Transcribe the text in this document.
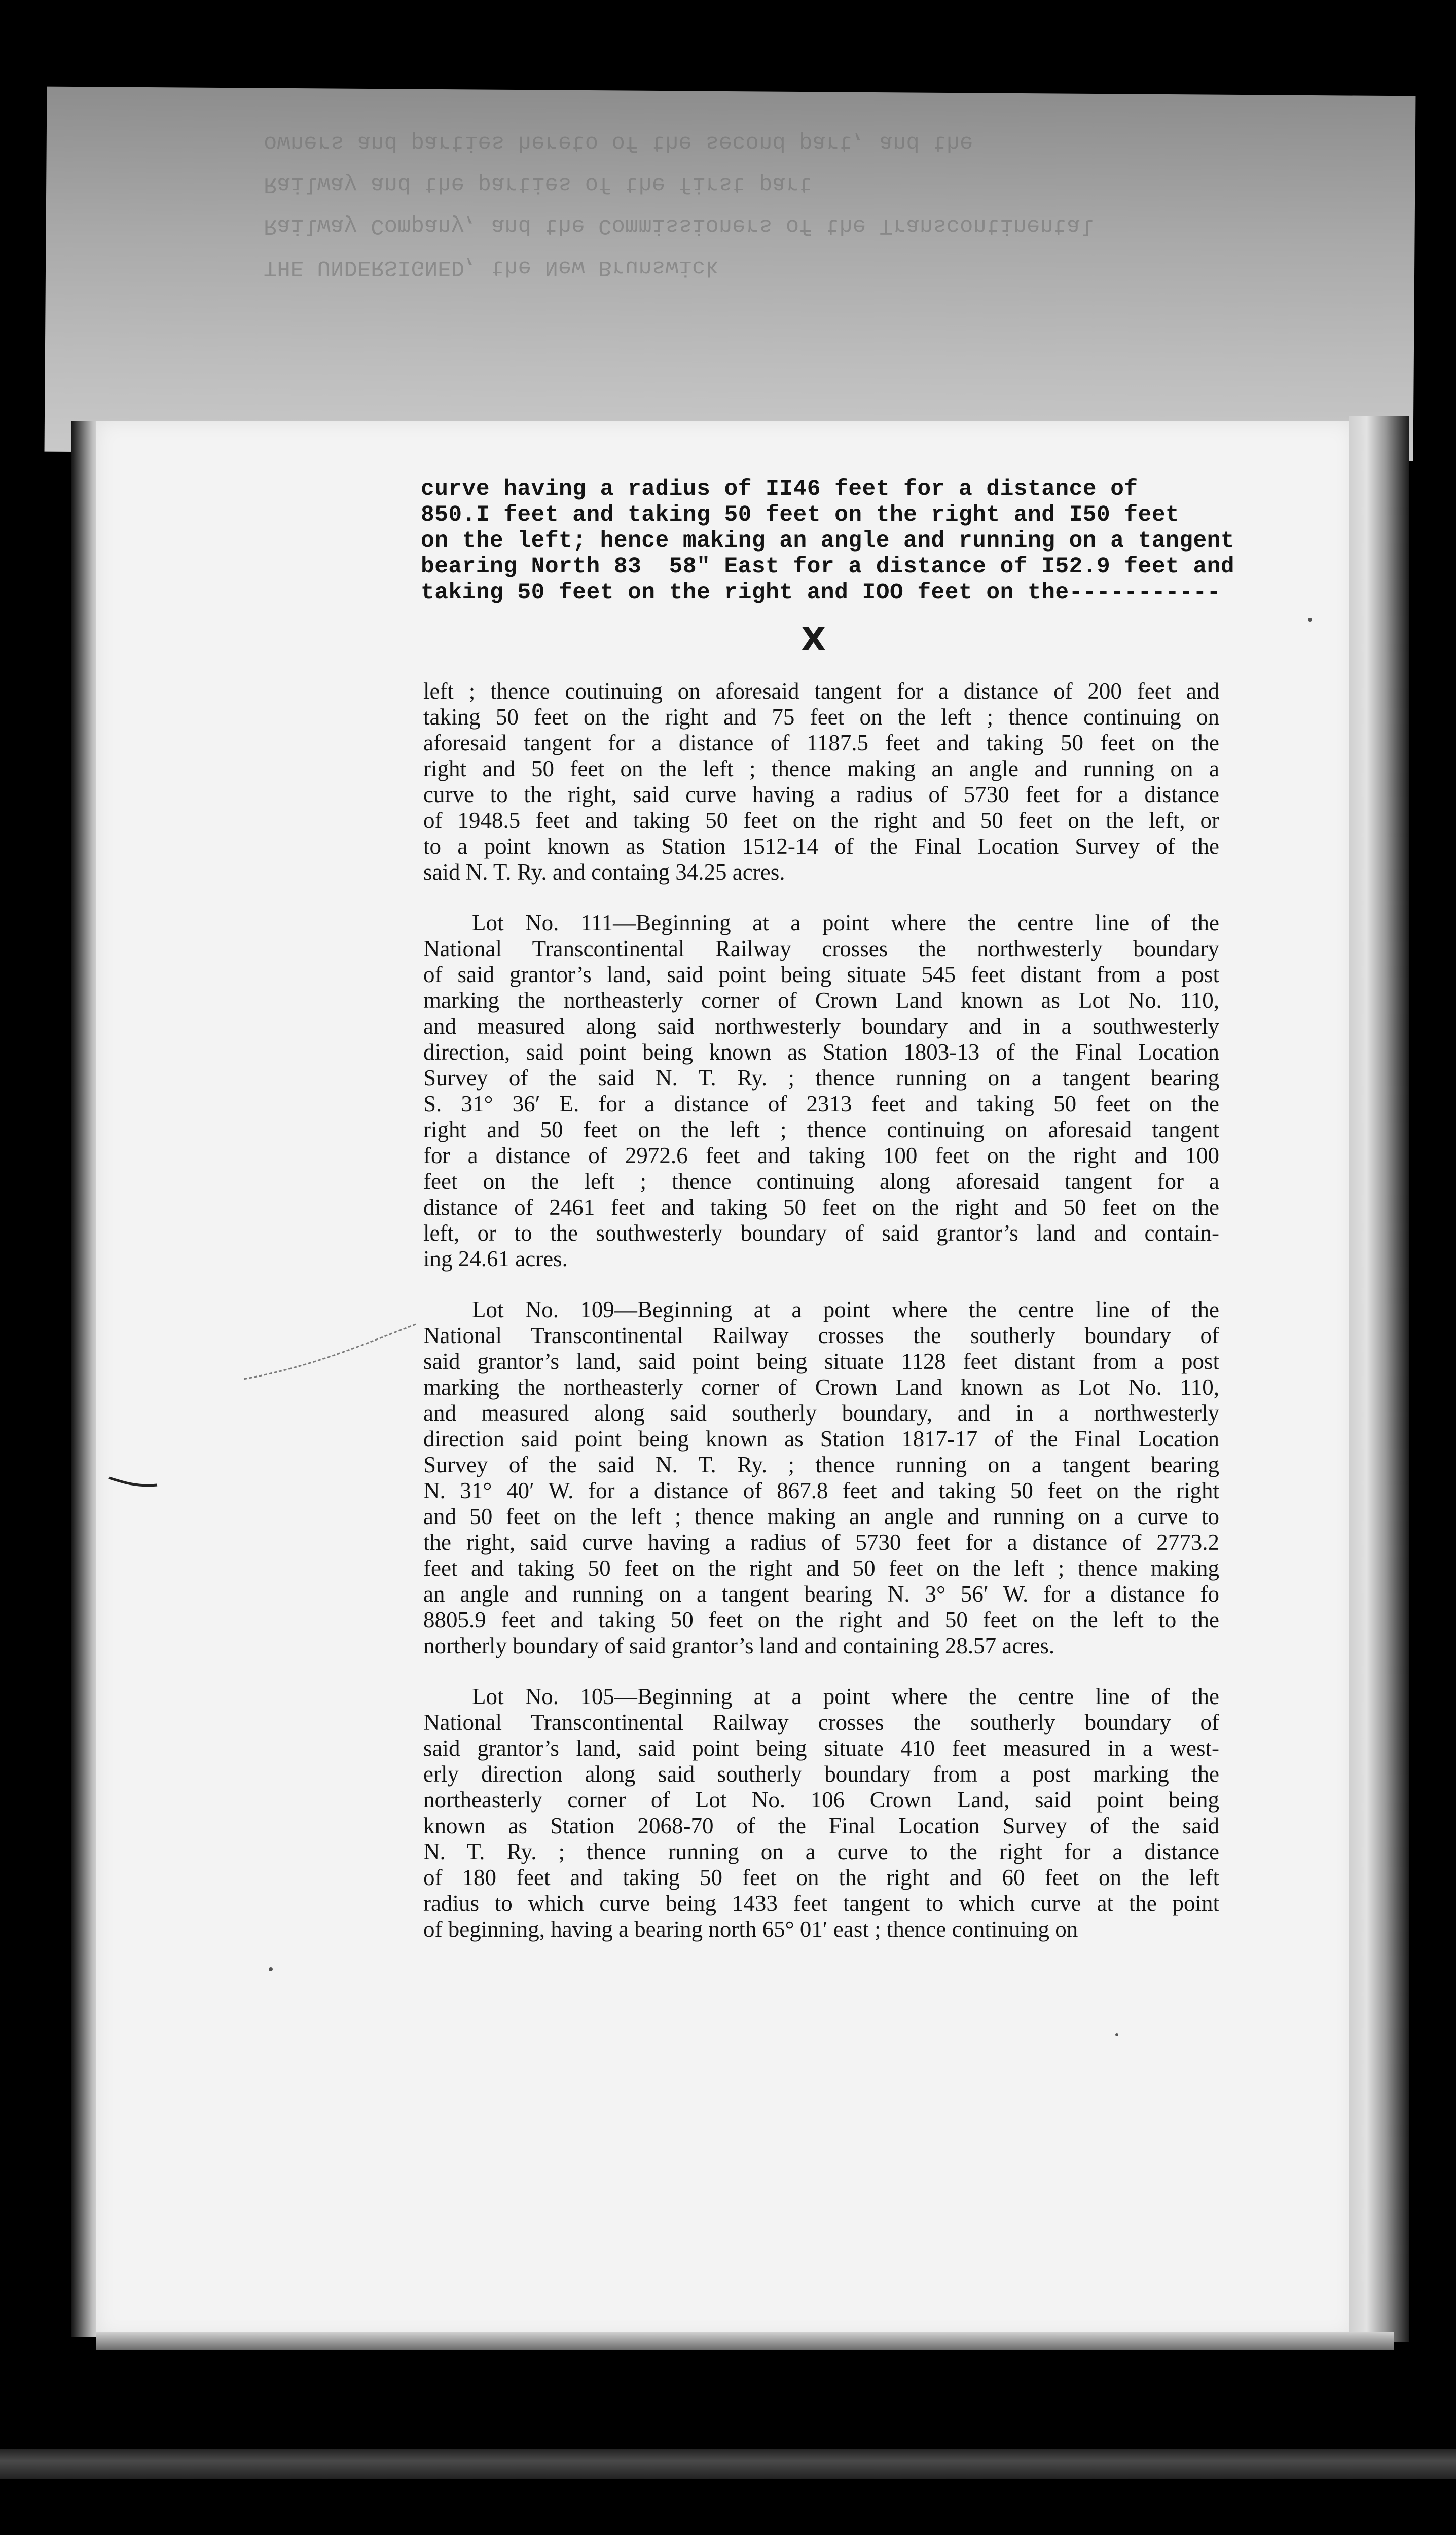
THE UNDERSIGNED, the New Brunswick
Railway Company, and the Commissioners of the Transcontinental
Railway and the parties of the first part
owners and parties hereto of the second part, and the
curve having a radius of II46 feet for a distance of
850.I feet and taking 50 feet on the right and I50 feet
on the left; hence making an angle and running on a tangent
bearing North 83  58" East for a distance of I52.9 feet and
taking 50 feet on the right and IOO feet on the-----------
X
left ; thence coutinuing on aforesaid tangent for a distance of 200 feet and
taking 50 feet on the right and 75 feet on the left ; thence continuing on
aforesaid tangent for a distance of 1187.5 feet and taking 50 feet on the
right and 50 feet on the left ; thence making an angle and running on a
curve to the right, said curve having a radius of 5730 feet for a distance
of 1948.5 feet and taking 50 feet on the right and 50 feet on the left, or
to a point known as Station 1512-14 of the Final Location Survey of the
said N. T. Ry. and containg 34.25 acres.
Lot No. 111—Beginning at a point where the centre line of the
National Transcontinental Railway crosses the northwesterly boundary
of said grantor’s land, said point being situate 545 feet distant from a post
marking the northeasterly corner of Crown Land known as Lot No. 110,
and measured along said northwesterly boundary and in a southwesterly
direction, said point being known as Station 1803-13 of the Final Location
Survey of the said N. T. Ry. ; thence running on a tangent bearing
S. 31° 36′ E. for a distance of 2313 feet and taking 50 feet on the
right and 50 feet on the left ; thence continuing on aforesaid tangent
for a distance of 2972.6 feet and taking 100 feet on the right and 100
feet on the left ; thence continuing along aforesaid tangent for a
distance of 2461 feet and taking 50 feet on the right and 50 feet on the
left, or to the southwesterly boundary of said grantor’s land and contain-
ing 24.61 acres.
Lot No. 109—Beginning at a point where the centre line of the
National Transcontinental Railway crosses the southerly boundary of
said grantor’s land, said point being situate 1128 feet distant from a post
marking the northeasterly corner of Crown Land known as Lot No. 110,
and measured along said southerly boundary, and in a northwesterly
direction said point being known as Station 1817-17 of the Final Location
Survey of the said N. T. Ry. ; thence running on a tangent bearing
N. 31° 40′ W. for a distance of 867.8 feet and taking 50 feet on the right
and 50 feet on the left ; thence making an angle and running on a curve to
the right, said curve having a radius of 5730 feet for a distance of 2773.2
feet and taking 50 feet on the right and 50 feet on the left ; thence making
an angle and running on a tangent bearing N. 3° 56′ W. for a distance fo
8805.9 feet and taking 50 feet on the right and 50 feet on the left to the
northerly boundary of said grantor’s land and containing 28.57 acres.
Lot No. 105—Beginning at a point where the centre line of the
National Transcontinental Railway crosses the southerly boundary of
said grantor’s land, said point being situate 410 feet measured in a west-
erly direction along said southerly boundary from a post marking the
northeasterly corner of Lot No. 106 Crown Land, said point being
known as Station 2068-70 of the Final Location Survey of the said
N. T. Ry. ; thence running on a curve to the right for a distance
of 180 feet and taking 50 feet on the right and 60 feet on the left
radius to which curve being 1433 feet tangent to which curve at the point
of beginning, having a bearing north 65° 01′ east ; thence continuing on
